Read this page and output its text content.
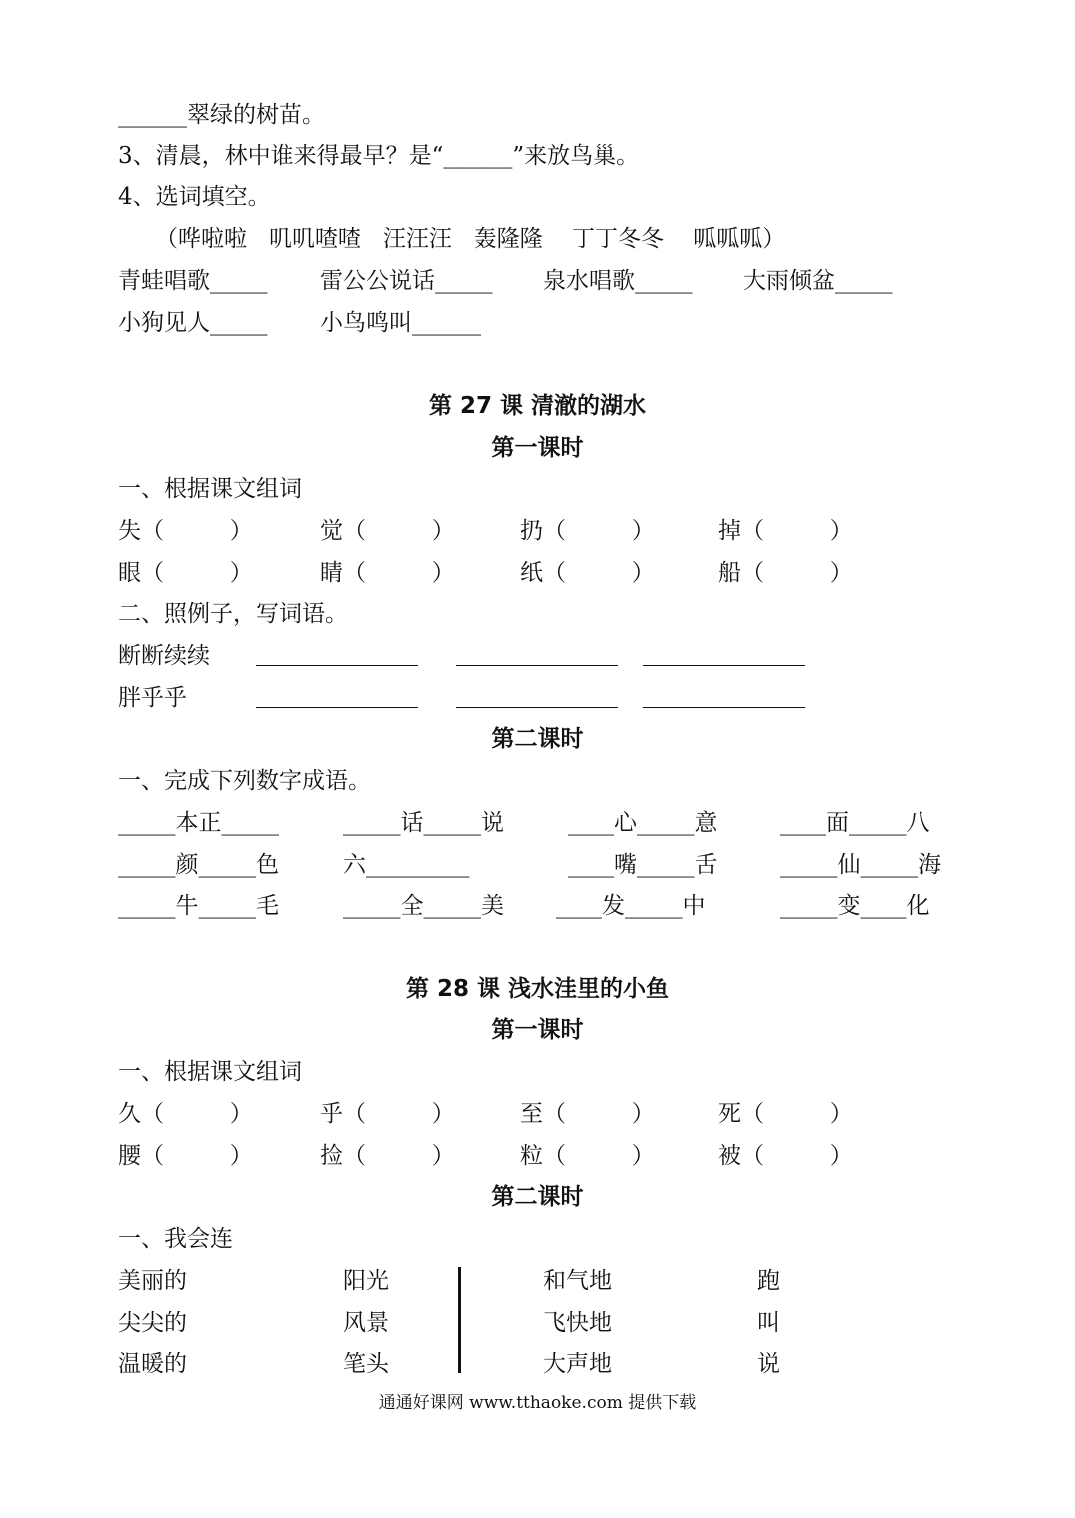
______翠绿的树苗。
3、清晨，林中谁来得最早？是“______”来放鸟巢。
4、选词填空。
（哗啦啦   叽叽喳喳   汪汪汪   轰隆隆    丁丁冬冬    呱呱呱）
青蛙唱歌_____ 雷公公说话_____ 泉水唱歌_____ 大雨倾盆_____
小狗见人_____ 小鸟鸣叫______
第 27 课 清澈的湖水
第一课时
一、根据课文组词
失（         ）	觉（         ）	扔（         ）	掉（         ）
眼（         ）	睛（         ）	纸（         ）	船（         ）
二、照例子，写词语。
断断续续
胖乎乎
第二课时
一、完成下列数字成语。
_____本正_____	_____话_____说	____心_____意	____面_____八
_____颜_____色	六_________	____嘴_____舌	_____仙_____海
_____牛_____毛	_____全_____美 ____发_____中	_____变____化
第 28 课 浅水洼里的小鱼
第一课时
一、根据课文组词
久（         ）	乎（         ）	至（         ）	死（         ）
腰（         ）	捡（         ）	粒（         ）	被（         ）
第二课时
一、我会连
美丽的	阳光	和气地	跑
尖尖的	风景	飞快地	叫
温暖的	笔头	大声地	说
通通好课网 www.tthaoke.com 提供下载
